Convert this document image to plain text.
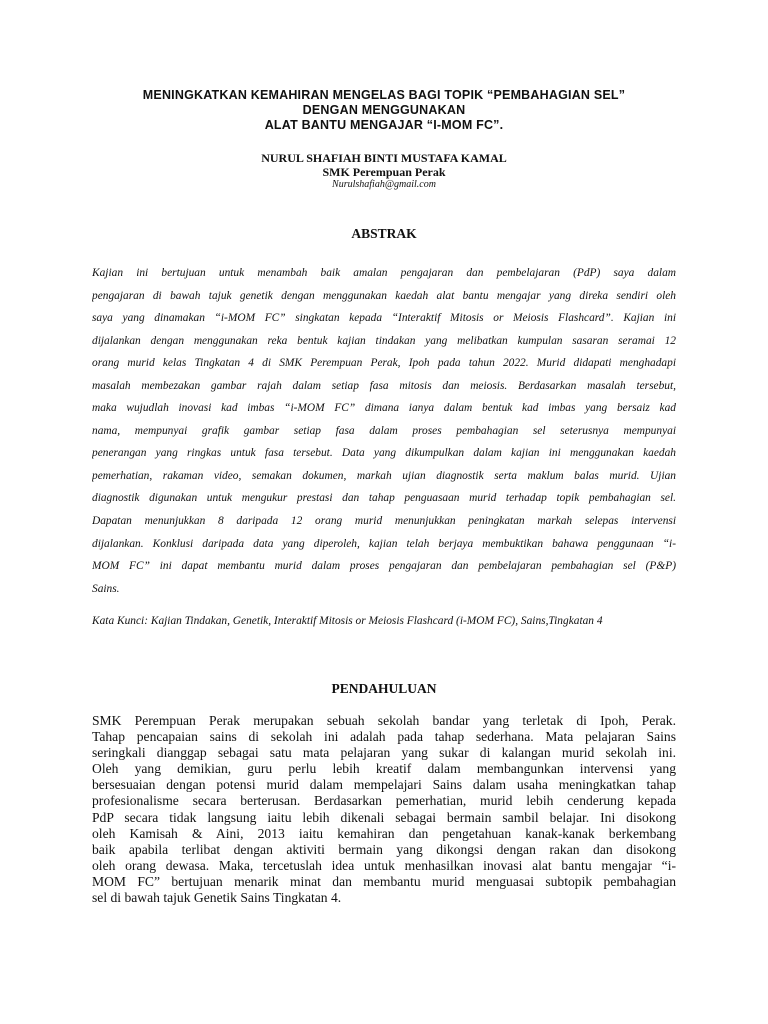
MENINGKATKAN KEMAHIRAN MENGELAS BAGI TOPIK “PEMBAHAGIAN SEL”
DENGAN MENGGUNAKAN
ALAT BANTU MENGAJAR “I-MOM FC”.
NURUL SHAFIAH BINTI MUSTAFA KAMAL
SMK Perempuan Perak
Nurulshafiah@gmail.com
ABSTRAK
Kajian ini bertujuan untuk menambah baik amalan pengajaran dan pembelajaran (PdP) saya dalam
pengajaran di bawah tajuk genetik dengan menggunakan kaedah alat bantu mengajar yang direka sendiri oleh
saya yang dinamakan “i-MOM FC” singkatan kepada “Interaktif Mitosis or Meiosis Flashcard”. Kajian ini
dijalankan dengan menggunakan reka bentuk kajian tindakan yang melibatkan kumpulan sasaran seramai 12
orang murid kelas Tingkatan 4 di SMK Perempuan Perak, Ipoh pada tahun 2022. Murid didapati menghadapi
masalah membezakan gambar rajah dalam setiap fasa mitosis dan meiosis. Berdasarkan masalah tersebut,
maka wujudlah inovasi kad imbas “i-MOM FC” dimana ianya dalam bentuk kad imbas yang bersaiz kad
nama, mempunyai grafik gambar setiap fasa dalam proses pembahagian sel seterusnya mempunyai
penerangan yang ringkas untuk fasa tersebut. Data yang dikumpulkan dalam kajian ini menggunakan kaedah
pemerhatian, rakaman video, semakan dokumen, markah ujian diagnostik serta maklum balas murid. Ujian
diagnostik digunakan untuk mengukur prestasi dan tahap penguasaan murid terhadap topik pembahagian sel.
Dapatan menunjukkan 8 daripada 12 orang murid menunjukkan peningkatan markah selepas intervensi
dijalankan. Konklusi daripada data yang diperoleh, kajian telah berjaya membuktikan bahawa penggunaan “i-
MOM FC” ini dapat membantu murid dalam proses pengajaran dan pembelajaran pembahagian sel (P&P)
Sains.
Kata Kunci: Kajian Tindakan, Genetik, Interaktif Mitosis or Meiosis Flashcard (i-MOM FC), Sains,Tingkatan 4
PENDAHULUAN
SMK Perempuan Perak merupakan sebuah sekolah bandar yang terletak di Ipoh, Perak.
Tahap pencapaian sains di sekolah ini adalah pada tahap sederhana. Mata pelajaran Sains
seringkali dianggap sebagai satu mata pelajaran yang sukar di kalangan murid sekolah ini.
Oleh yang demikian, guru perlu lebih kreatif dalam membangunkan intervensi yang
bersesuaian dengan potensi murid dalam mempelajari Sains dalam usaha meningkatkan tahap
profesionalisme secara berterusan. Berdasarkan pemerhatian, murid lebih cenderung kepada
PdP secara tidak langsung iaitu lebih dikenali sebagai bermain sambil belajar. Ini disokong
oleh Kamisah & Aini, 2013 iaitu kemahiran dan pengetahuan kanak-kanak berkembang
baik apabila terlibat dengan aktiviti bermain yang dikongsi dengan rakan dan disokong
oleh orang dewasa. Maka, tercetuslah idea untuk menhasilkan inovasi alat bantu mengajar “i-
MOM FC” bertujuan menarik minat dan membantu murid menguasai subtopik pembahagian
sel di bawah tajuk Genetik Sains Tingkatan 4.
